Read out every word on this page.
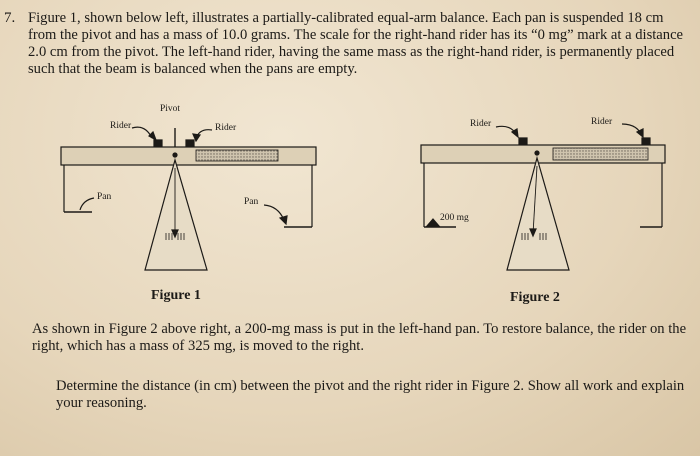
7. Figure 1, shown below left, illustrates a partially-calibrated equal-arm balance. Each pan is suspended 18 cm from the pivot and has a mass of 10.0 grams. The scale for the right-hand rider has its “0 mg” mark at a distance 2.0 cm from the pivot. The left-hand rider, having the same mass as the right-hand rider, is permanently placed such that the beam is balanced when the pans are empty.

Pivot
Rider	Rider
Pan	Pan
Figure 1
Rider	Rider
200 mg
Figure 2

As shown in Figure 2 above right, a 200-mg mass is put in the left-hand pan. To restore balance, the rider on the right, which has a mass of 325 mg, is moved to the right.

Determine the distance (in cm) between the pivot and the right rider in Figure 2. Show all work and explain your reasoning.
